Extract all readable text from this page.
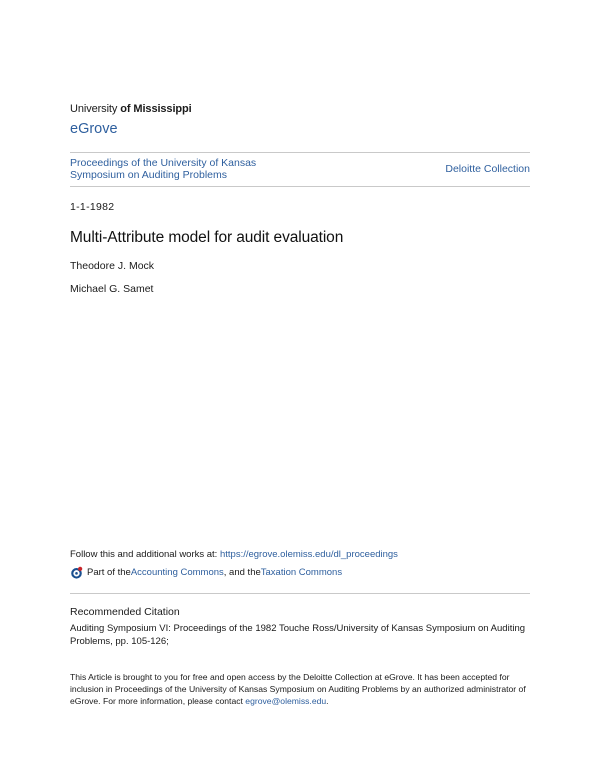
University of Mississippi
eGrove
Proceedings of the University of Kansas
Symposium on Auditing Problems	Deloitte Collection
1-1-1982
Multi-Attribute model for audit evaluation
Theodore J. Mock
Michael G. Samet
Follow this and additional works at: https://egrove.olemiss.edu/dl_proceedings
Part of the Accounting Commons , and the Taxation Commons
Recommended Citation
Auditing Symposium VI: Proceedings of the 1982 Touche Ross/University of Kansas Symposium on Auditing Problems, pp. 105-126;
This Article is brought to you for free and open access by the Deloitte Collection at eGrove. It has been accepted for inclusion in Proceedings of the University of Kansas Symposium on Auditing Problems by an authorized administrator of eGrove. For more information, please contact egrove@olemiss.edu.
